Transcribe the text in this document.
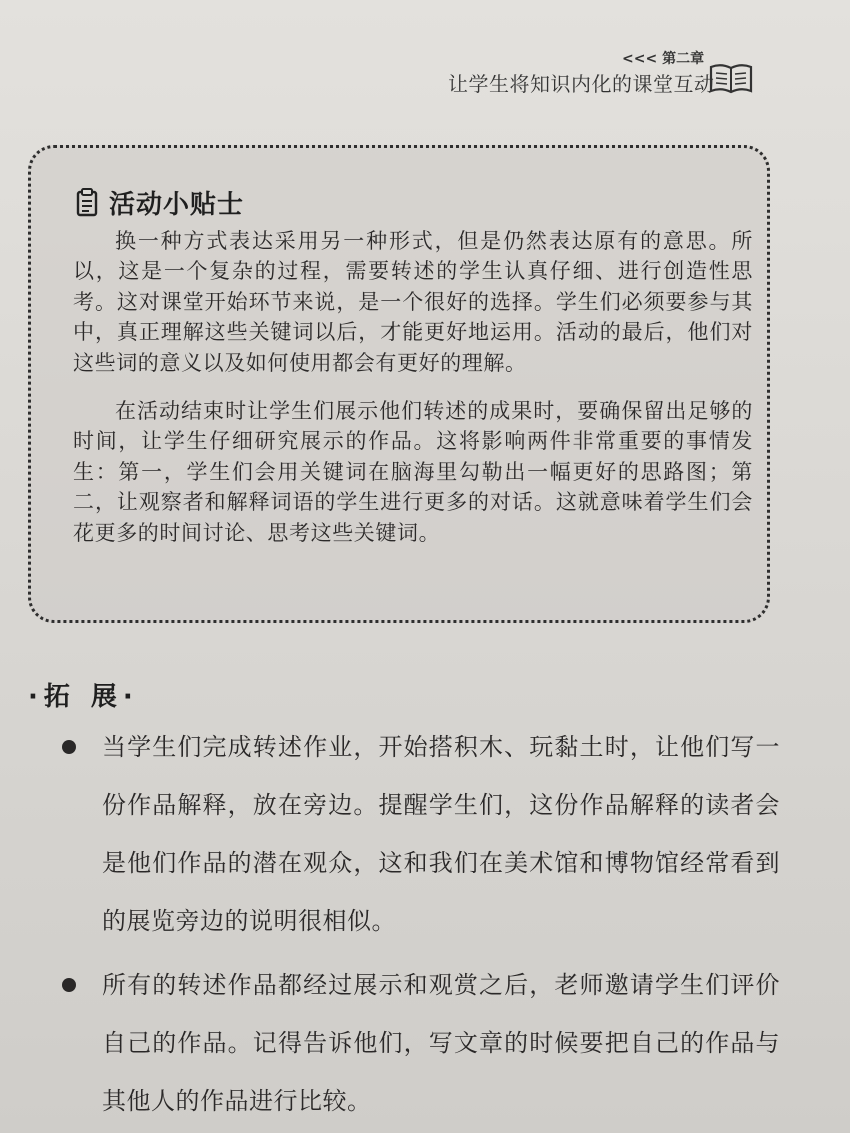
<<< 第二章
让学生将知识内化的课堂互动
活动小贴士

换一种方式表达采用另一种形式，但是仍然表达原有的意思。所以，这是一个复杂的过程，需要转述的学生认真仔细、进行创造性思考。这对课堂开始环节来说，是一个很好的选择。学生们必须要参与其中，真正理解这些关键词以后，才能更好地运用。活动的最后，他们对这些词的意义以及如何使用都会有更好的理解。

在活动结束时让学生们展示他们转述的成果时，要确保留出足够的时间，让学生仔细研究展示的作品。这将影响两件非常重要的事情发生：第一，学生们会用关键词在脑海里勾勒出一幅更好的思路图；第二，让观察者和解释词语的学生进行更多的对话。这就意味着学生们会花更多的时间讨论、思考这些关键词。

·拓 展·
当学生们完成转述作业，开始搭积木、玩黏土时，让他们写一份作品解释，放在旁边。提醒学生们，这份作品解释的读者会是他们作品的潜在观众，这和我们在美术馆和博物馆经常看到的展览旁边的说明很相似。
所有的转述作品都经过展示和观赏之后，老师邀请学生们评价自己的作品。记得告诉他们，写文章的时候要把自己的作品与其他人的作品进行比较。
